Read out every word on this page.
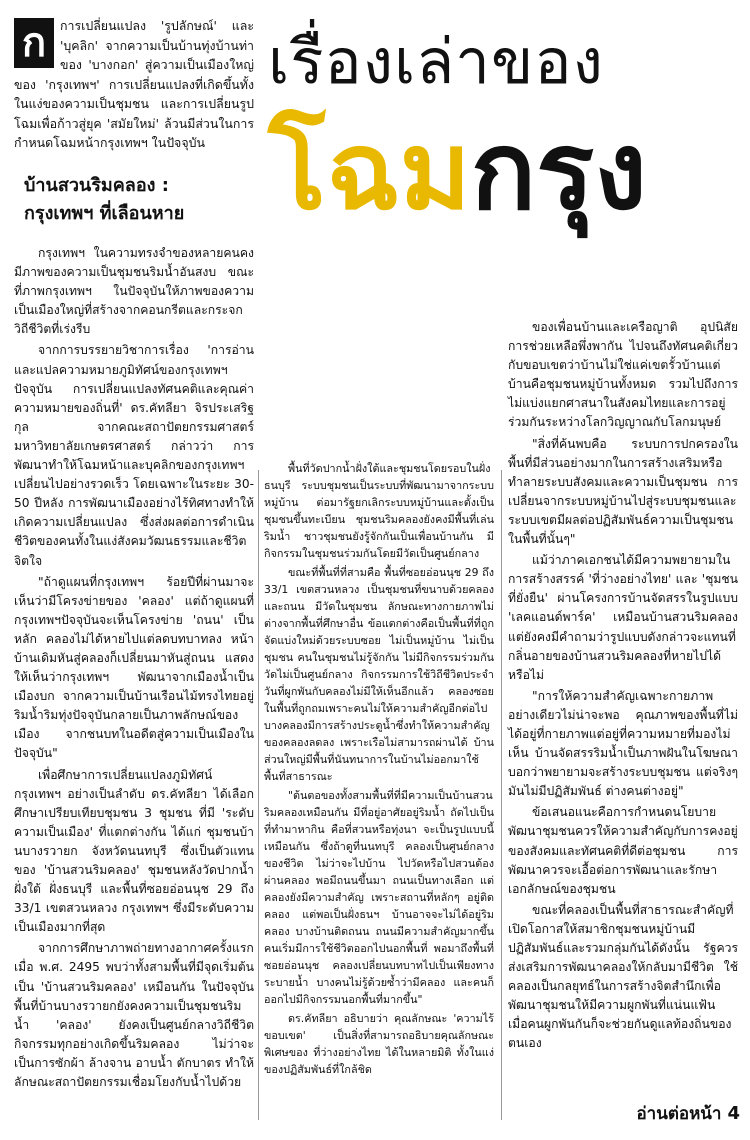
ก	การเปลี่ยนแปลง 'รูปลักษณ์' และ 'บุคลิก' จากความเป็นบ้านทุ่งบ้านท่าของ 'บางกอก' สู่ความเป็นเมืองใหญ่ของ 'กรุงเทพฯ' การเปลี่ยนแปลงที่เกิดขึ้นทั้งในแง่ของความเป็นชุมชน และการเปลี่ยนรูปโฉมเพื่อก้าวสู่ยุค 'สมัยใหม่' ล้วนมีส่วนในการกำหนดโฉมหน้ากรุงเทพฯ ในปัจจุบัน

บ้านสวนริมคลอง :
กรุงเทพฯ ที่เลือนหาย
เรื่องเล่าของ
โฉมกรุง

กรุงเทพฯ ในความทรงจำของหลายคนคงมีภาพของความเป็นชุมชนริมน้ำอันสงบ ขณะที่ภาพกรุงเทพฯ ในปัจจุบันให้ภาพของความเป็นเมืองใหญ่ที่สร้างจากคอนกรีตและกระจกวิถีชีวิตที่เร่งรีบ

จากการบรรยายวิชาการเรื่อง 'การอ่านและแปลความหมายภูมิทัศน์ของกรุงเทพฯ ปัจจุบัน การเปลี่ยนแปลงทัศนคติและคุณค่าความหมายของถิ่นที่' ดร.คัทลียา จิรประเสริฐกุล จากคณะสถาปัตยกรรมศาสตร์ มหาวิทยาลัยเกษตรศาสตร์ กล่าวว่า การพัฒนาทำให้โฉมหน้าและบุคลิกของกรุงเทพฯ เปลี่ยนไปอย่างรวดเร็ว โดยเฉพาะในระยะ 30-50 ปีหลัง การพัฒนาเมืองอย่างไร้ทิศทางทำให้เกิดความเปลี่ยนแปลง ซึ่งส่งผลต่อการดำเนินชีวิตของคนทั้งในแง่สังคมวัฒนธรรมและชีวิตจิตใจ

"ถ้าดูแผนที่กรุงเทพฯ ร้อยปีที่ผ่านมาจะเห็นว่ามีโครงข่ายของ 'คลอง' แต่ถ้าดูแผนที่กรุงเทพฯปัจจุบันจะเห็นโครงข่าย 'ถนน' เป็นหลัก คลองไม่ได้หายไปแต่ลดบทบาทลง หน้าบ้านเดิมหันสู่คลองก็เปลี่ยนมาหันสู่ถนน แสดงให้เห็นว่ากรุงเทพฯ พัฒนาจากเมืองน้ำเป็นเมืองบก จากความเป็นบ้านเรือนไม้ทรงไทยอยู่ริมน้ำริมทุ่งปัจจุบันกลายเป็นภาพลักษณ์ของเมือง จากชนบทในอดีตสู่ความเป็นเมืองในปัจจุบัน"

เพื่อศึกษาการเปลี่ยนแปลงภูมิทัศน์กรุงเทพฯ อย่างเป็นลำดับ ดร.คัทลียา ได้เลือกศึกษาเปรียบเทียบชุมชน 3 ชุมชน ที่มี 'ระดับความเป็นเมือง' ที่แตกต่างกัน ได้แก่ ชุมชนบ้านบางรวายก จังหวัดนนทบุรี ซึ่งเป็นตัวแทนของ 'บ้านสวนริมคลอง' ชุมชนหลังวัดปากน้ำฝั่งใต้ ฝั่งธนบุรี และพื้นที่ซอยอ่อนนุช 29 ถึง 33/1 เขตสวนหลวง กรุงเทพฯ ซึ่งมีระดับความเป็นเมืองมากที่สุด

จากการศึกษาภาพถ่ายทางอากาศครั้งแรกเมื่อ พ.ศ. 2495 พบว่าทั้งสามพื้นที่มีจุดเริ่มต้นเป็น 'บ้านสวนริมคลอง' เหมือนกัน ในปัจจุบันพื้นที่บ้านบางรวายกยังคงความเป็นชุมชนริมน้ำ 'คลอง' ยังคงเป็นศูนย์กลางวิถีชีวิต กิจกรรมทุกอย่างเกิดขึ้นริมคลอง ไม่ว่าจะเป็นการซักผ้า ล้างจาน อาบน้ำ ตักบาตร ทำให้ลักษณะสถาปัตยกรรมเชื่อมโยงกับน้ำไปด้วย

พื้นที่วัดปากน้ำฝั่งใต้และชุมชนโดยรอบในฝั่งธนบุรี ระบบชุมชนเป็นระบบที่พัฒนามาจากระบบหมู่บ้าน ต่อมารัฐยกเลิกระบบหมู่บ้านและตั้งเป็นชุมชนขึ้นทะเบียน ชุมชนริมคลองยังคงมีพื้นที่เล่นริมน้ำ ชาวชุมชนยังรู้จักกันเป็นเพื่อนบ้านกัน มีกิจกรรมในชุมชนร่วมกันโดยมีวัดเป็นศูนย์กลาง

ขณะที่พื้นที่ที่สามคือ พื้นที่ซอยอ่อนนุช 29 ถึง 33/1 เขตสวนหลวง เป็นชุมชนที่ขนาบด้วยคลองและถนน มีวัดในชุมชน ลักษณะทางกายภาพไม่ต่างจากพื้นที่ศึกษาอื่น ข้อแตกต่างคือเป็นพื้นที่ที่ถูกจัดแบ่งใหม่ด้วยระบบซอย ไม่เป็นหมู่บ้าน ไม่เป็นชุมชน คนในชุมชนไม่รู้จักกัน ไม่มีกิจกรรมร่วมกัน วัดไม่เป็นศูนย์กลาง กิจกรรมการใช้วิถีชีวิตประจำวันที่ผูกพันกับคลองไม่มีให้เห็นอีกแล้ว คลองซอยในพื้นที่ถูกถมเพราะคนไม่ให้ความสำคัญอีกต่อไป บางคลองมีการสร้างประตูน้ำซึ่งทำให้ความสำคัญของคลองลดลง เพราะเรือไม่สามารถผ่านได้ บ้านส่วนใหญ่มีพื้นที่นันทนาการในบ้านไม่ออกมาใช้พื้นที่สาธารณะ

"ต้นตอของทั้งสามพื้นที่ที่มีความเป็นบ้านสวนริมคลองเหมือนกัน มีที่อยู่อาศัยอยู่ริมน้ำ ถัดไปเป็นที่ทำมาหากิน คือที่สวนหรือทุ่งนา จะเป็นรูปแบบนี้เหมือนกัน ซึ่งถ้าดูที่นนทบุรี คลองเป็นศูนย์กลางของชีวิต ไม่ว่าจะไปบ้าน ไปวัดหรือไปสวนต้องผ่านคลอง พอมีถนนขึ้นมา ถนนเป็นทางเลือก แต่คลองยังมีความสำคัญ เพราะสถานที่หลักๆ อยู่ติดคลอง แต่พอเป็นฝั่งธนฯ บ้านอาจจะไม่ได้อยู่ริมคลอง บางบ้านติดถนน ถนนมีความสำคัญมากขึ้น คนเริ่มมีการใช้ชีวิตออกไปนอกพื้นที่ พอมาถึงพื้นที่ซอยอ่อนนุช คลองเปลี่ยนบทบาทไปเป็นเพียงทางระบายน้ำ บางคนไม่รู้ด้วยซ้ำว่ามีคลอง และคนก็ออกไปมีกิจกรรมนอกพื้นที่มากขึ้น"

ดร.คัทลียา อธิบายว่า คุณลักษณะ 'ความไร้ขอบเขต' เป็นสิ่งที่สามารถอธิบายคุณลักษณะพิเศษของ ที่ว่างอย่างไทย ได้ในหลายมิติ ทั้งในแง่ของปฏิสัมพันธ์ที่ใกล้ชิด

ของเพื่อนบ้านและเครือญาติ อุปนิสัยการช่วยเหลือพึ่งพากัน ไปจนถึงทัศนคติเกี่ยวกับขอบเขตว่าบ้านไม่ใช่แค่เขตรั้วบ้านแต่บ้านคือชุมชนหมู่บ้านทั้งหมด รวมไปถึงการไม่แบ่งแยกศาสนาในสังคมไทยและการอยู่ร่วมกันระหว่างโลกวิญญาณกับโลกมนุษย์

"สิ่งที่ค้นพบคือ ระบบการปกครองในพื้นที่มีส่วนอย่างมากในการสร้างเสริมหรือทำลายระบบสังคมและความเป็นชุมชน การเปลี่ยนจากระบบหมู่บ้านไปสู่ระบบชุมชนและระบบเขตมีผลต่อปฏิสัมพันธ์ความเป็นชุมชนในพื้นที่นั้นๆ"

แม้ว่าภาคเอกชนได้มีความพยายามในการสร้างสรรค์ 'ที่ว่างอย่างไทย' และ 'ชุมชนที่ยั่งยืน' ผ่านโครงการบ้านจัดสรรในรูปแบบ 'เลคแอนด์พาร์ค' เหมือนบ้านสวนริมคลอง แต่ยังคงมีคำถามว่ารูปแบบดังกล่าวจะแทนที่กลิ่นอายของบ้านสวนริมคลองที่หายไปได้หรือไม่

"การให้ความสำคัญเฉพาะกายภาพอย่างเดียวไม่น่าจะพอ คุณภาพของพื้นที่ไม่ได้อยู่ที่กายภาพแต่อยู่ที่ความหมายที่มองไม่เห็น บ้านจัดสรรริมน้ำเป็นภาพฝันในโฆษณา บอกว่าพยายามจะสร้างระบบชุมชน แต่จริงๆ มันไม่มีปฏิสัมพันธ์ ต่างคนต่างอยู่"

ข้อเสนอแนะคือการกำหนดนโยบายพัฒนาชุมชนควรให้ความสำคัญกับการคงอยู่ของสังคมและทัศนคติที่ดีต่อชุมชน การพัฒนาควรจะเอื้อต่อการพัฒนาและรักษาเอกลักษณ์ของชุมชน

ขณะที่คลองเป็นพื้นที่สาธารณะสำคัญที่เปิดโอกาสให้สมาชิกชุมชนหมู่บ้านมีปฏิสัมพันธ์และรวมกลุ่มกันได้ดังนั้น รัฐควรส่งเสริมการพัฒนาคลองให้กลับมามีชีวิต ใช้คลองเป็นกลยุทธ์ในการสร้างจิตสำนึกเพื่อพัฒนาชุมชนให้มีความผูกพันที่แน่นแฟ้น เมื่อคนผูกพันกันก็จะช่วยกันดูแลท้องถิ่นของตนเอง

อ่านต่อหน้า 4
